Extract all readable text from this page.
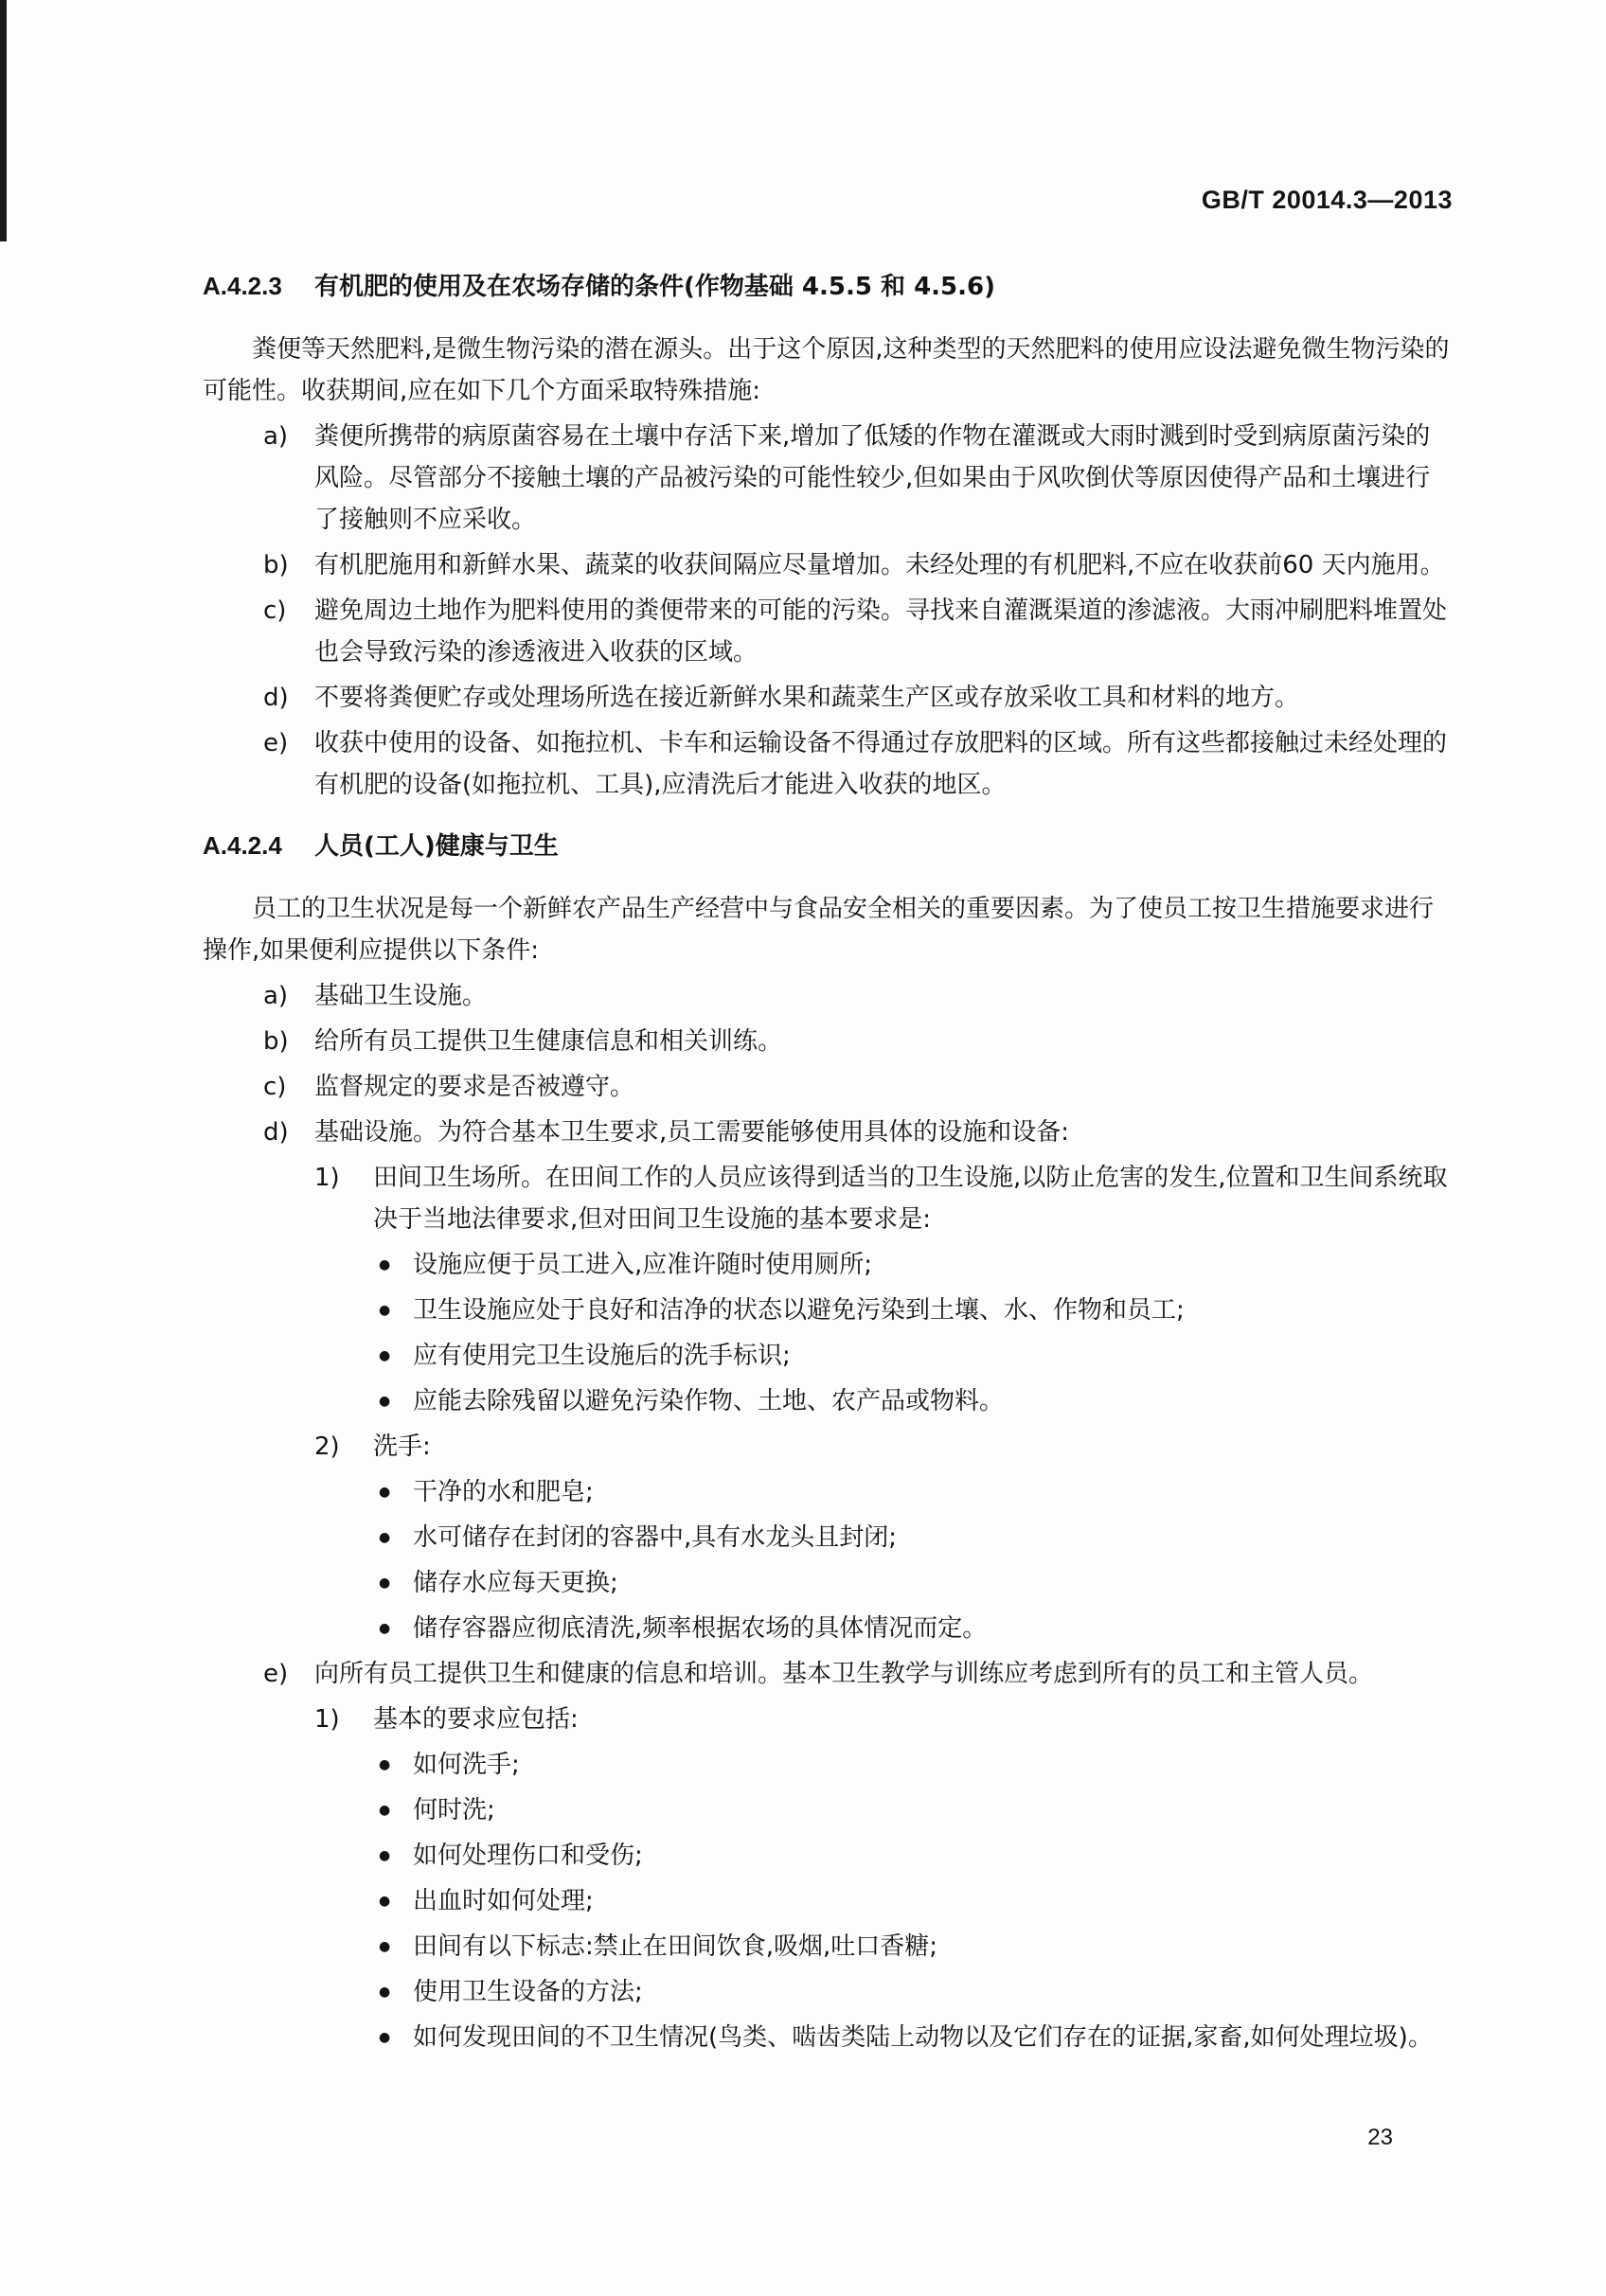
GB/T 20014.3—2013
A.4.2.3 有机肥的使用及在农场存储的条件(作物基础 4.5.5 和 4.5.6)
粪便等天然肥料,是微生物污染的潜在源头。出于这个原因,这种类型的天然肥料的使用应设法避免微生物污染的可能性。收获期间,应在如下几个方面采取特殊措施:
a) 粪便所携带的病原菌容易在土壤中存活下来,增加了低矮的作物在灌溉或大雨时溅到时受到病原菌污染的风险。尽管部分不接触土壤的产品被污染的可能性较少,但如果由于风吹倒伏等原因使得产品和土壤进行了接触则不应采收。
b) 有机肥施用和新鲜水果、蔬菜的收获间隔应尽量增加。未经处理的有机肥料,不应在收获前60 天内施用。
c) 避免周边土地作为肥料使用的粪便带来的可能的污染。寻找来自灌溉渠道的渗滤液。大雨冲刷肥料堆置处也会导致污染的渗透液进入收获的区域。
d) 不要将粪便贮存或处理场所选在接近新鲜水果和蔬菜生产区或存放采收工具和材料的地方。
e) 收获中使用的设备、如拖拉机、卡车和运输设备不得通过存放肥料的区域。所有这些都接触过未经处理的有机肥的设备(如拖拉机、工具),应清洗后才能进入收获的地区。
A.4.2.4 人员(工人)健康与卫生
员工的卫生状况是每一个新鲜农产品生产经营中与食品安全相关的重要因素。为了使员工按卫生措施要求进行操作,如果便利应提供以下条件:
a) 基础卫生设施。
b) 给所有员工提供卫生健康信息和相关训练。
c) 监督规定的要求是否被遵守。
d) 基础设施。为符合基本卫生要求,员工需要能够使用具体的设施和设备:
1) 田间卫生场所。在田间工作的人员应该得到适当的卫生设施,以防止危害的发生,位置和卫生间系统取决于当地法律要求,但对田间卫生设施的基本要求是:
● 设施应便于员工进入,应准许随时使用厕所;
● 卫生设施应处于良好和洁净的状态以避免污染到土壤、水、作物和员工;
● 应有使用完卫生设施后的洗手标识;
● 应能去除残留以避免污染作物、土地、农产品或物料。
2) 洗手:
● 干净的水和肥皂;
● 水可储存在封闭的容器中,具有水龙头且封闭;
● 储存水应每天更换;
● 储存容器应彻底清洗,频率根据农场的具体情况而定。
e) 向所有员工提供卫生和健康的信息和培训。基本卫生教学与训练应考虑到所有的员工和主管人员。
1) 基本的要求应包括:
● 如何洗手;
● 何时洗;
● 如何处理伤口和受伤;
● 出血时如何处理;
● 田间有以下标志:禁止在田间饮食,吸烟,吐口香糖;
● 使用卫生设备的方法;
● 如何发现田间的不卫生情况(鸟类、啮齿类陆上动物以及它们存在的证据,家畜,如何处理垃圾)。
23
